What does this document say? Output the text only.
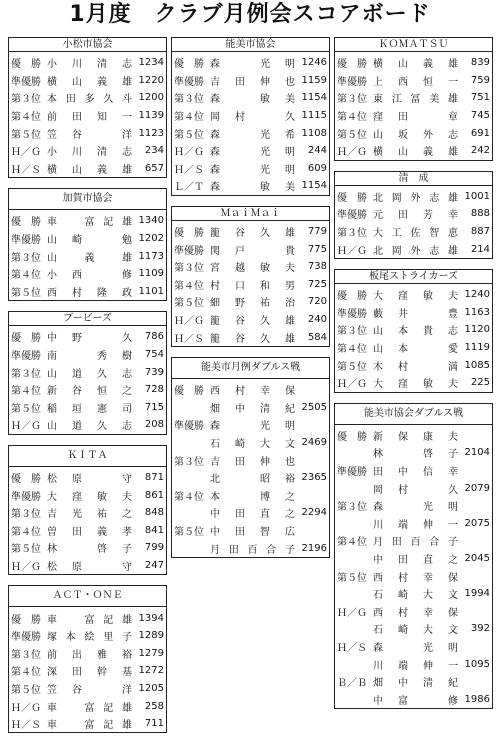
1月度　クラブ月例会スコアボード
小松市協会
優　勝 小川清志 1234
準優勝 横山義雄 1220
第３位 本田多久斗 1200
第４位 前田知一 1139
第５位 笠谷　洋 1123
Ｈ／Ｇ 小川清志	234
Ｈ／Ｓ 横山義雄	657
加賀市協会
優　勝 車　富記雄 1340
準優勝 山崎　勉 1202
第３位 山義雄 1173
第４位 小西　修 1109
第５位 西村隆政 1101
ブービーズ
優　勝 中野　久	786
準優勝 南　秀樹	754
第３位 山道久志	739
第４位 新谷恒之	728
第５位 稲垣憲司	715
Ｈ／Ｇ 山道久志	208
ＫＩＴＡ
優　勝 松原　守	871
準優勝 大窪敏夫	861
第３位 吉光祐之	848
第４位 曽田義孝	841
第５位 林　啓子	799
Ｈ／Ｇ 松原　守	247
ＡＣＴ・ＯＮＥ
優　勝 車　富記雄 1394
準優勝 塚本絵里子 1289
第３位 前出雅裕 1279
第４位 深田幹基 1272
第５位 笠谷　洋 1205
Ｈ／Ｇ 車　富記雄	258
Ｈ／Ｓ 車　富記雄	711
能美市協会
優　勝 森　光明 1246
準優勝 吉田伸也 1159
第３位 森　敏美 1154
第４位 岡村　久 1115
第５位 森　光希 1108
Ｈ／Ｇ 森　光明	244
Ｈ／Ｓ 森　光明	609
Ｌ／Ｔ 森　敏美 1154
ＭａｉＭａｉ
優　勝 籠谷久雄	779
準優勝 関戸　貴	775
第３位 宮越敏夫	738
第４位 村口和男	725
第５位 細野祐治	720
Ｈ／Ｇ 籠谷久雄	240
Ｈ／Ｓ 籠谷久雄	584
能美市月例ダブルス戦
優　勝 西村幸保
畑中清紀 2505
準優勝 森　光明
石崎大文 2469
第３位 吉田伸也
北　昭裕 2365
第４位 本　博之
中田直之 2294
第５位 中田智広
月田百合子 2196
ＫＯＭＡＴＳＵ
優　勝 横山義雄	839
準優勝 上西恒一	759
第３位 東江冨美雄	751
第４位 窪田　章	745
第５位 山坂外志	691
Ｈ／Ｇ 横山義雄	242
清　成
優　勝 北岡外志雄 1001
準優勝 元田芳幸	888
第３位 大工佐智恵	887
Ｈ／Ｇ 北岡外志雄	214
板尾ストライカーズ
優　勝 大窪敏夫 1240
準優勝 藪井　豊 1163
第３位 山本貴志 1120
第４位 山本　愛 1119
第５位 木村　満 1085
Ｈ／Ｇ 大窪敏夫	225
能美市協会ダブルス戦
優　勝 新保康夫
林　啓子 2104
準優勝 田中信幸
岡村　久 2079
第３位 森　光明
川端伸一 2075
第４位 月田百合子
中田直之 2045
第５位 西村幸保
石崎大文 1994
Ｈ／Ｇ 西村幸保
石崎大文	392
Ｈ／Ｓ 森　光明
川端伸一 1095
Ｂ／Ｂ 畑中清紀
中富　修 1986
